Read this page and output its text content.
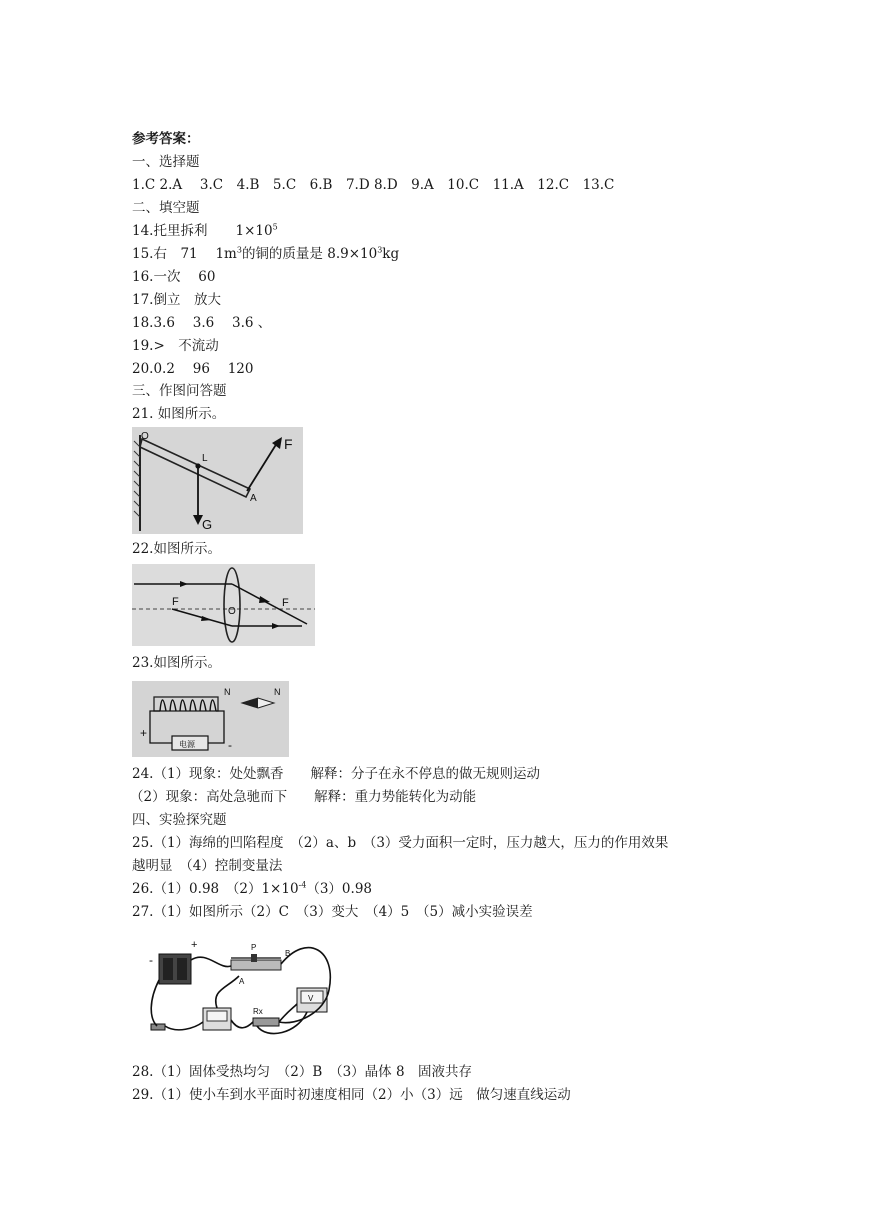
参考答案：
一、选择题
1.C 2.A　 3.C　4.B　5.C　6.B　7.D 8.D　9.A　10.C　11.A　12.C　13.C
二、填空题
14.托里拆利 $1\times 10^5$
15.右　71　 $1m^3$的铜的质量是 $8.9\times 10^3kg$
16.一次　 60
17.倒立　放大
18.3.6　 3.6　 3.6 、
19.>　不流动
20.0.2　 96　 120
三、作图问答题
21. 如图所示。
F
G
A
L
O
22.如图所示。
F	F
O
23.如图所示。
电源
+
-
N	N
24.（1）现象：处处飘香　　解释：分子在永不停息的做无规则运动
（2）现象：高处急驰而下　　解释：重力势能转化为动能
四、实验探究题
25.（1）海绵的凹陷程度　（2）a、b　（3）受力面积一定时，压力越大，压力的作用效果
越明显　（4）控制变量法
26.（1）0.98　$(2)1\times 10^{-4}(3)0.98$
27.（1）如图所示（2）C　（3）变大　（4）5　（5）减小实验误差
+
-
P
A
B
V
Rx
28.（1）固体受热均匀　（2）B　（3）晶体 8　固液共存
29.（1）使小车到水平面时初速度相同（2）小（3）远　做匀速直线运动
